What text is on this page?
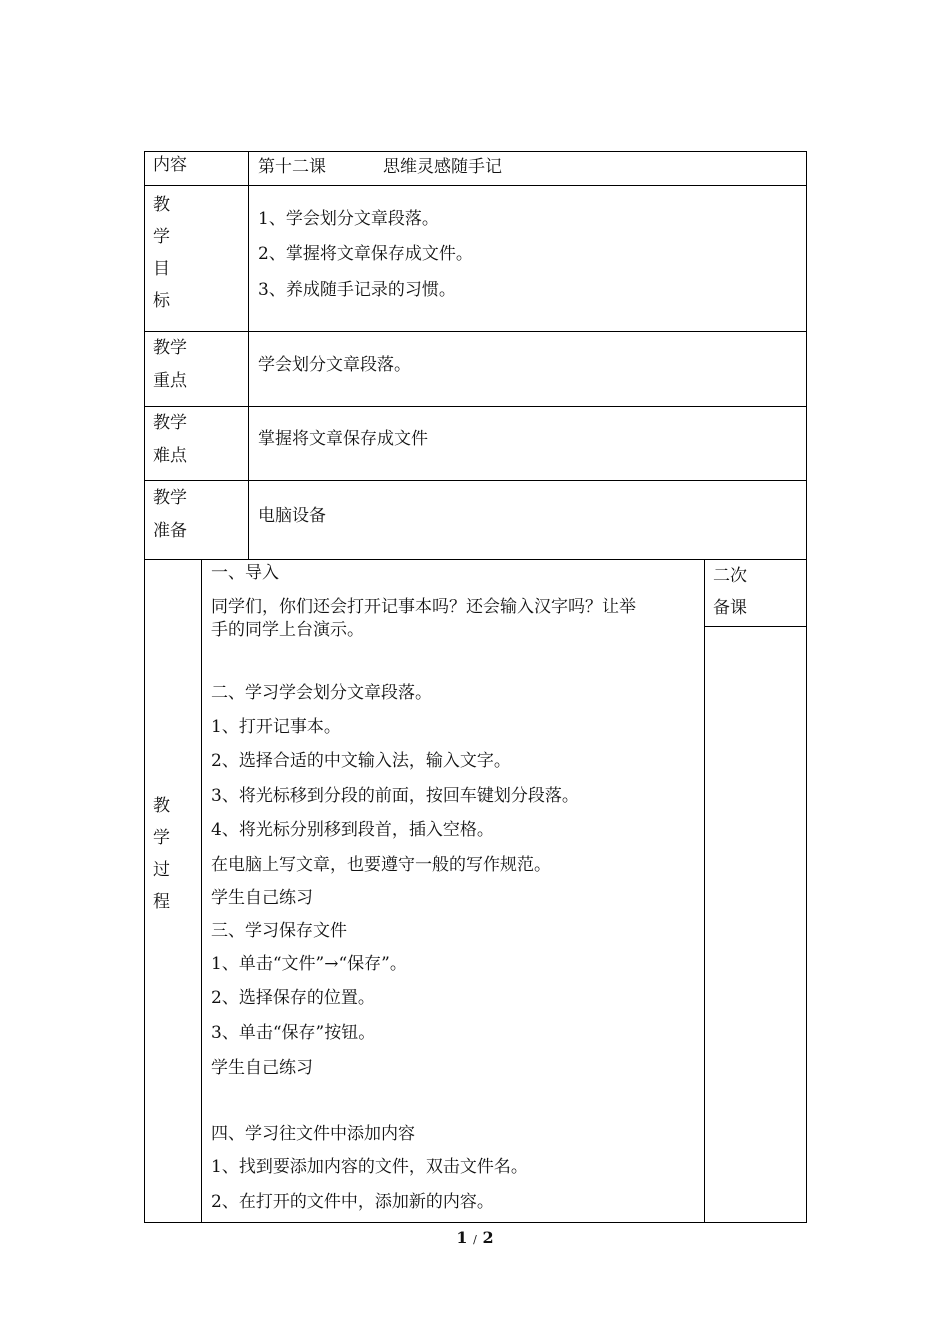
内容	第十二课	思维灵感随手记
教
学
目
标
1、学会划分文章段落。
2、掌握将文章保存成文件。
3、养成随手记录的习惯。
教学
重点
学会划分文章段落。
教学
难点
掌握将文章保存成文件
教学
准备
电脑设备
教
学
过
程
二次
备课
一、导入
同学们，你们还会打开记事本吗？还会输入汉字吗？让举
手的同学上台演示。
二、学习学会划分文章段落。
1、打开记事本。
2、选择合适的中文输入法，输入文字。
3、将光标移到分段的前面，按回车键划分段落。
4、将光标分别移到段首，插入空格。
在电脑上写文章，也要遵守一般的写作规范。
学生自己练习
三、学习保存文件
1、单击“文件”→“保存”。
2、选择保存的位置。
3、单击“保存”按钮。
学生自己练习
四、学习往文件中添加内容
1、找到要添加内容的文件，双击文件名。
2、在打开的文件中，添加新的内容。
1 / 2
